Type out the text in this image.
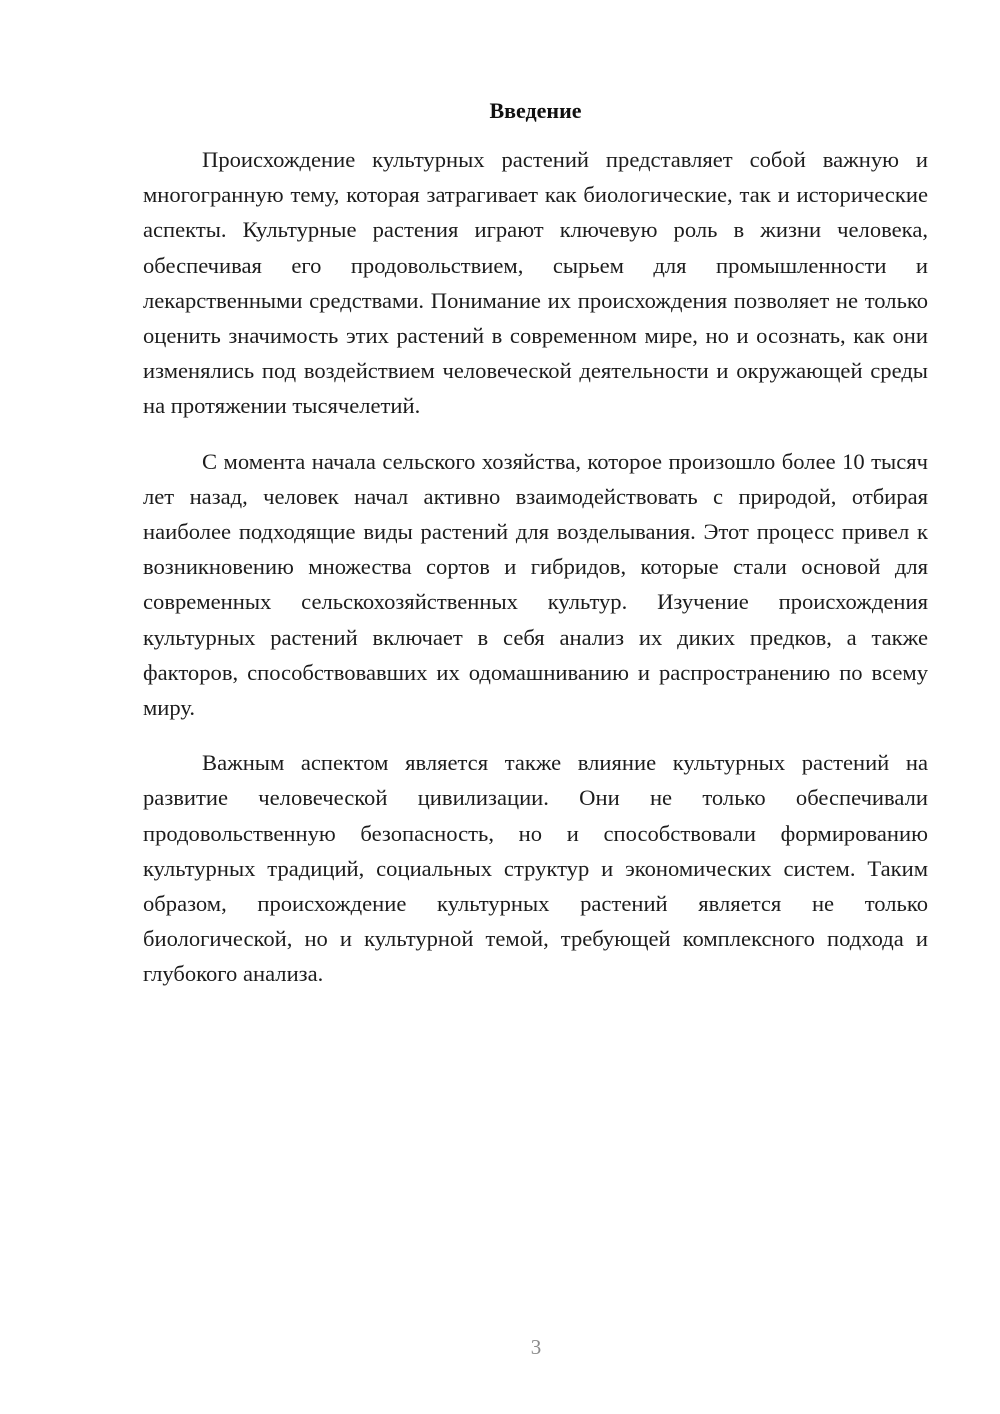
Введение

Происхождение культурных растений представляет собой важную и многогранную тему, которая затрагивает как биологические, так и исторические аспекты. Культурные растения играют ключевую роль в жизни человека, обеспечивая его продовольствием, сырьем для промышленности и лекарственными средствами. Понимание их происхождения позволяет не только оценить значимость этих растений в современном мире, но и осознать, как они изменялись под воздействием человеческой деятельности и окружающей среды на протяжении тысячелетий.

С момента начала сельского хозяйства, которое произошло более 10 тысяч лет назад, человек начал активно взаимодействовать с природой, отбирая наиболее подходящие виды растений для возделывания. Этот процесс привел к возникновению множества сортов и гибридов, которые стали основой для современных сельскохозяйственных культур. Изучение происхождения культурных растений включает в себя анализ их диких предков, а также факторов, способствовавших их одомашниванию и распространению по всему миру.

Важным аспектом является также влияние культурных растений на развитие человеческой цивилизации. Они не только обеспечивали продовольственную безопасность, но и способствовали формированию культурных традиций, социальных структур и экономических систем. Таким образом, происхождение культурных растений является не только биологической, но и культурной темой, требующей комплексного подхода и глубокого анализа.

3
